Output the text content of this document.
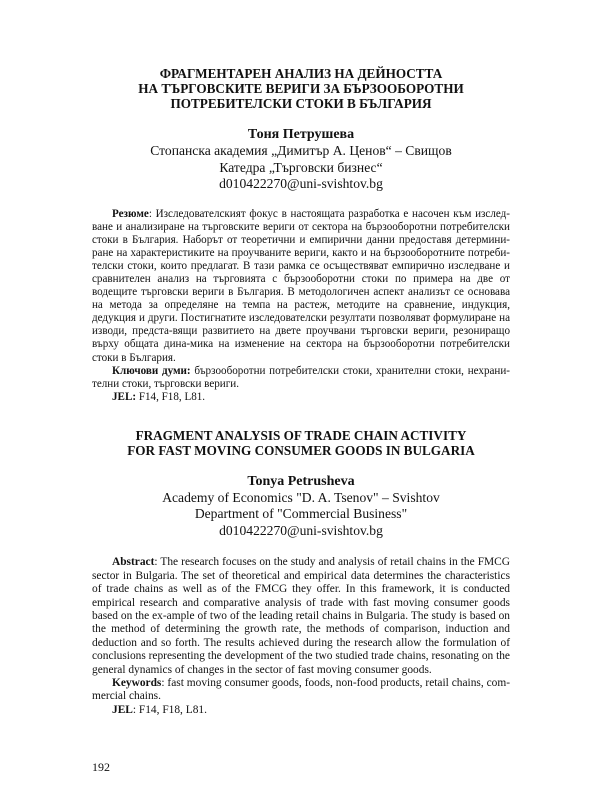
ФРАГМЕНТАРЕН АНАЛИЗ НА ДЕЙНОСТТА
НА ТЪРГОВСКИТЕ ВЕРИГИ ЗА БЪРЗООБОРОТНИ
ПОТРЕБИТЕЛСКИ СТОКИ В БЪЛГАРИЯ
Тоня Петрушева
Стопанска академия „Димитър А. Ценов“ – Свищов
Катедра „Търговски бизнес“
d010422270@uni-svishtov.bg

Резюме: Изследователският фокус в настоящата разработка е насочен към изслед-ване и анализиране на търговските вериги от сектора на бързооборотни потребителски стоки в България. Наборът от теоретични и емпирични данни предоставя детермини-ране на характеристиките на проучваните вериги, както и на бързооборотните потреби-телски стоки, които предлагат. В тази рамка се осъществяват емпирично изследване и сравнителен анализ на търговията с бързооборотни стоки по примера на две от водещите търговски вериги в България. В методологичен аспект анализът се основава на метода за определяне на темпа на растеж, методите на сравнение, индукция, дедукция и други. Постигнатите изследователски резултати позволяват формулиране на изводи, предста-вящи развитието на двете проучвани търговски вериги, резониращо върху общата дина-мика на изменение на сектора на бързооборотни потребителски стоки в България.

Ключови думи: бързооборотни потребителски стоки, хранителни стоки, нехрани-телни стоки, търговски вериги.

JEL: F14, F18, L81.

FRAGMENT ANALYSIS OF TRADE CHAIN ACTIVITY
FOR FAST MOVING CONSUMER GOODS IN BULGARIA
Tonya Petrusheva
Academy of Economics "D. A. Tsenov" – Svishtov
Department of "Commercial Business"
d010422270@uni-svishtov.bg

Abstract: The research focuses on the study and analysis of retail chains in the FMCG sector in Bulgaria. The set of theoretical and empirical data determines the characteristics of trade chains as well as of the FMCG they offer. In this framework, it is conducted empirical research and comparative analysis of trade with fast moving consumer goods based on the ex-ample of two of the leading retail chains in Bulgaria. The study is based on the method of determining the growth rate, the methods of comparison, induction and deduction and so forth. The results achieved during the research allow the formulation of conclusions representing the development of the two studied trade chains, resonating on the general dynamics of changes in the sector of fast moving consumer goods.

Keywords: fast moving consumer goods, foods, non-food products, retail chains, com-mercial chains.

JEL: F14, F18, L81.

192
